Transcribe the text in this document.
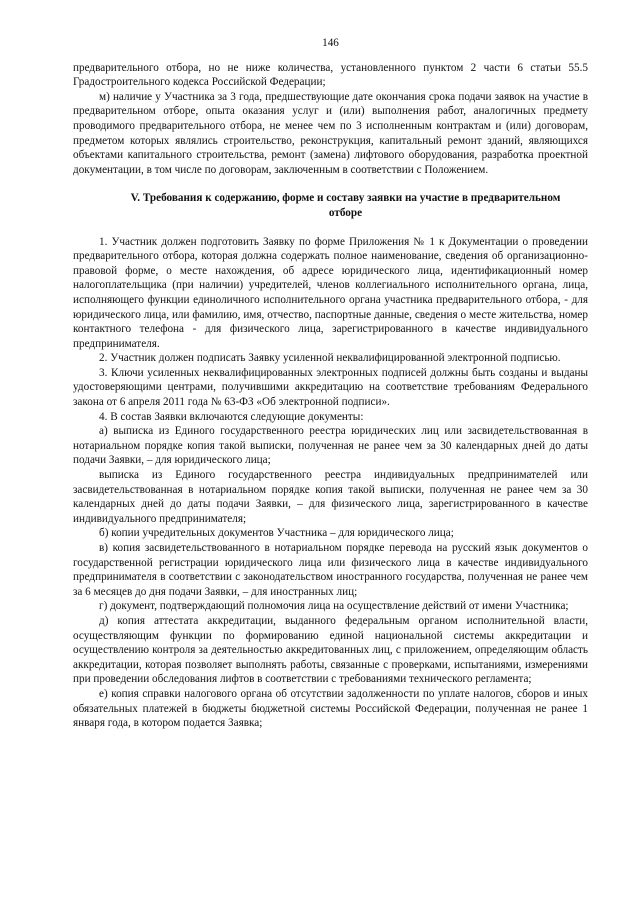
146

предварительного отбора, но не ниже количества, установленного пунктом 2 части 6 статьи 55.5 Градостроительного кодекса Российской Федерации;

м) наличие у Участника за 3 года, предшествующие дате окончания срока подачи заявок на участие в предварительном отборе, опыта оказания услуг и (или) выполнения работ, аналогичных предмету проводимого предварительного отбора, не менее чем по 3 исполненным контрактам и (или) договорам, предметом которых являлись строительство, реконструкция, капитальный ремонт зданий, являющихся объектами капитального строительства, ремонт (замена) лифтового оборудования, разработка проектной документации, в том числе по договорам, заключенным в соответствии с Положением.

V. Требования к содержанию, форме и составу заявки на участие в предварительном отборе

1. Участник должен подготовить Заявку по форме Приложения № 1 к Документации о проведении предварительного отбора, которая должна содержать полное наименование, сведения об организационно-правовой форме, о месте нахождения, об адресе юридического лица, идентификационный номер налогоплательщика (при наличии) учредителей, членов коллегиального исполнительного органа, лица, исполняющего функции единоличного исполнительного органа участника предварительного отбора, - для юридического лица, или фамилию, имя, отчество, паспортные данные, сведения о месте жительства, номер контактного телефона - для физического лица, зарегистрированного в качестве индивидуального предпринимателя.

2. Участник должен подписать Заявку усиленной неквалифицированной электронной подписью.

3. Ключи усиленных неквалифицированных электронных подписей должны быть созданы и выданы удостоверяющими центрами, получившими аккредитацию на соответствие требованиям Федерального закона от 6 апреля 2011 года № 63-ФЗ «Об электронной подписи».

4. В состав Заявки включаются следующие документы:

а) выписка из Единого государственного реестра юридических лиц или засвидетельствованная в нотариальном порядке копия такой выписки, полученная не ранее чем за 30 календарных дней до даты подачи Заявки, – для юридического лица;

выписка из Единого государственного реестра индивидуальных предпринимателей или засвидетельствованная в нотариальном порядке копия такой выписки, полученная не ранее чем за 30 календарных дней до даты подачи Заявки, – для физического лица, зарегистрированного в качестве индивидуального предпринимателя;

б) копии учредительных документов Участника – для юридического лица;

в) копия засвидетельствованного в нотариальном порядке перевода на русский язык документов о государственной регистрации юридического лица или физического лица в качестве индивидуального предпринимателя в соответствии с законодательством иностранного государства, полученная не ранее чем за 6 месяцев до дня подачи Заявки, – для иностранных лиц;

г) документ, подтверждающий полномочия лица на осуществление действий от имени Участника;

д) копия аттестата аккредитации, выданного федеральным органом исполнительной власти, осуществляющим функции по формированию единой национальной системы аккредитации и осуществлению контроля за деятельностью аккредитованных лиц, с приложением, определяющим область аккредитации, которая позволяет выполнять работы, связанные с проверками, испытаниями, измерениями при проведении обследования лифтов в соответствии с требованиями технического регламента;

е) копия справки налогового органа об отсутствии задолженности по уплате налогов, сборов и иных обязательных платежей в бюджеты бюджетной системы Российской Федерации, полученная не ранее 1 января года, в котором подается Заявка;
